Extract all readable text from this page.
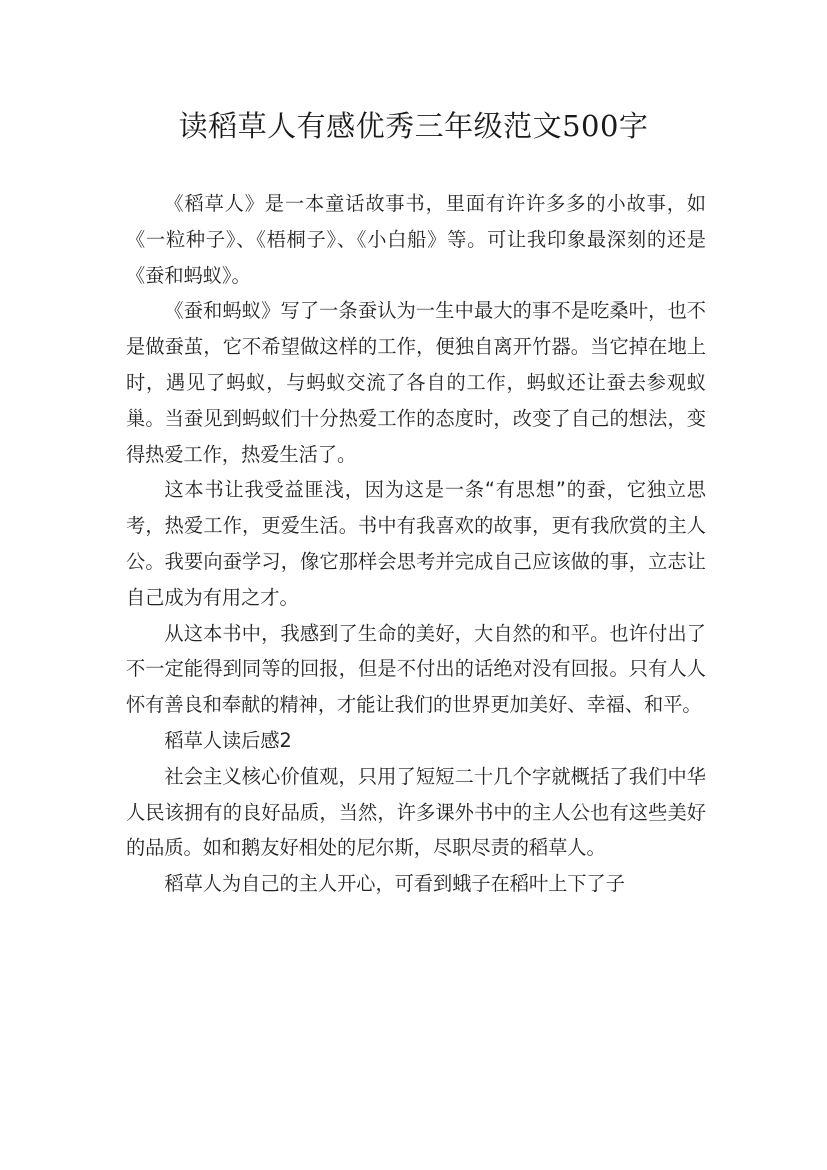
读稻草人有感优秀三年级范文500字

《稻草人》是一本童话故事书，里面有许许多多的小故事，如《一粒种子》、《梧桐子》、《小白船》等。可让我印象最深刻的还是《蚕和蚂蚁》。

《蚕和蚂蚁》写了一条蚕认为一生中最大的事不是吃桑叶，也不是做蚕茧，它不希望做这样的工作，便独自离开竹器。当它掉在地上时，遇见了蚂蚁，与蚂蚁交流了各自的工作，蚂蚁还让蚕去参观蚁巢。当蚕见到蚂蚁们十分热爱工作的态度时，改变了自己的想法，变得热爱工作，热爱生活了。

这本书让我受益匪浅，因为这是一条“有思想”的蚕，它独立思考，热爱工作，更爱生活。书中有我喜欢的故事，更有我欣赏的主人公。我要向蚕学习，像它那样会思考并完成自己应该做的事，立志让自己成为有用之才。

从这本书中，我感到了生命的美好，大自然的和平。也许付出了不一定能得到同等的回报，但是不付出的话绝对没有回报。只有人人怀有善良和奉献的精神，才能让我们的世界更加美好、幸福、和平。

稻草人读后感2

社会主义核心价值观，只用了短短二十几个字就概括了我们中华人民该拥有的良好品质，当然，许多课外书中的主人公也有这些美好的品质。如和鹅友好相处的尼尔斯，尽职尽责的稻草人。

稻草人为自己的主人开心，可看到蛾子在稻叶上下了子
